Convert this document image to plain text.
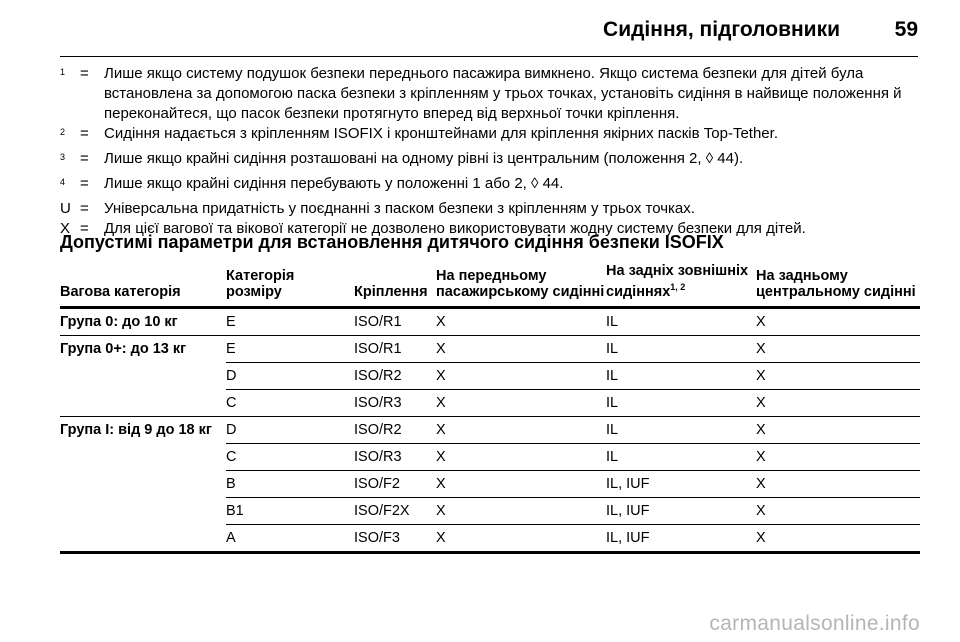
Сидіння, підголовники	59
$^1$ =	Лише якщо систему подушок безпеки переднього пасажира вимкнено. Якщо система безпеки для дітей була встановлена за допомогою паска безпеки з кріпленням у трьох точках, установіть сидіння в найвище положення й переконайтеся, що пасок безпеки протягнуто вперед від верхньої точки кріплення.
$^2$ =	Сидіння надається з кріпленням ISOFIX і кронштейнами для кріплення якірних пасків Top-Tether.
$^3$ =	Лише якщо крайні сидіння розташовані на одному рівні із центральним (положення 2, ◊ 44).
$^4$ =	Лише якщо крайні сидіння перебувають у положенні 1 або 2, ◊ 44.
U =	Універсальна придатність у поєднанні з паском безпеки з кріпленням у трьох точках.
X =	Для цієї вагової та вікової категорії не дозволено використовувати жодну систему безпеки для дітей.
Допустимі параметри для встановлення дитячого сидіння безпеки ISOFIX
Вагова категорія	Категорія розміру	Кріплення	На передньому пасажирському сидінні	На задніх зовнішніх сидіннях$^{1, 2}$	На задньому центральному сидінні
Група 0: до 10 кг	E	ISO/R1	X	IL	X
Група 0+: до 13 кг	E	ISO/R1	X	IL	X
	D	ISO/R2	X	IL	X
	C	ISO/R3	X	IL	X
Група I: від 9 до 18 кг	D	ISO/R2	X	IL	X
	C	ISO/R3	X	IL	X
	B	ISO/F2	X	IL, IUF	X
	B1	ISO/F2X	X	IL, IUF	X
	A	ISO/F3	X	IL, IUF	X
carmanualsonline.info
